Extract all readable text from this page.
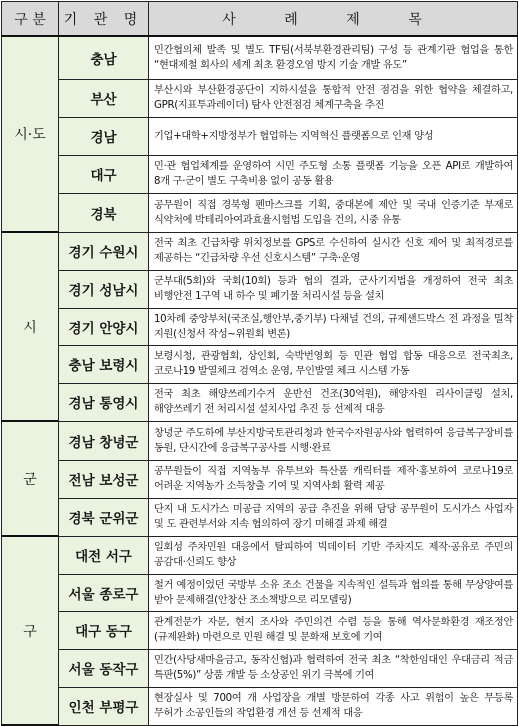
구 분	기 관 명	사 례 제 목
시·도	충남	민간협의체 발족 및 별도 TF팀(서북부환경관리팀) 구성 등 관계기관 협업을 통한 “현대제철 회사의 세계 최초 환경오염 방지 기술 개발 유도”
	부산	부산시와 부산환경공단이 지하시설을 통합적 안전 점검을 위한 협약을 체결하고, GPR(지표투과레이더) 탐사 안전점검 체계구축을 추진
	경남	기업+대학+지방정부가 협업하는 지역혁신 플랫폼으로 인재 양성
	대구	민·관 협업체계를 운영하여 시민 주도형 소통 플랫폼 기능을 오픈 API로 개발하여 8개 구·군이 별도 구축비용 없이 공동 활용
	경북	공무원이 직접 경북형 펜마스크를 기획, 중대본에 제안 및 국내 인증기준 부재로 식약처에 박테리아여과효율시험법 도입을 건의, 시중 유통
시	경기 수원시	전국 최초 긴급차량 위치정보를 GPS로 수신하여 실시간 신호 제어 및 최적경로를 제공하는 “긴급차량 우선 신호시스템” 구축·운영
	경기 성남시	군부대(5회)와 국회(10회) 등과 협의 결과, 군사기지법을 개정하여 전국 최초 비행안전 1구역 내 하수 및 폐기물 처리시설 등을 설치
	경기 안양시	10차례 중앙부처(국조실,행안부,중기부) 다채널 건의, 규제샌드박스 전 과정을 밀착 지원(신청서 작성~위원회 변론)
	충남 보령시	보령시청, 관광협회, 상인회, 숙박번영회 등 민관 협업 합동 대응으로 전국최초, 코로나19 발열체크 검역소 운영, 무인발열 체크 시스템 가동
	경남 통영시	전국 최초 해양쓰레기수거 운반선 건조(30억원), 해양자원 리사이클링 설치, 해양쓰레기 전 처리시설 설치사업 추진 등 선제적 대응
군	경남 창녕군	창녕군 주도하에 부산지방국토관리청과 한국수자원공사와 협력하여 응급복구장비를 동원, 단시간에 응급복구공사를 시행·완료
	전남 보성군	공무원들이 직접 지역농부 유투브와 특산품 캐릭터를 제작·홍보하여 코로나19로 어려운 지역농가 소득창출 기여 및 지역사회 활력 제공
	경북 군위군	단지 내 도시가스 미공급 지역의 공급 추진을 위해 담당 공무원이 도시가스 사업자 및 도 관련부서와 지속 협의하여 장기 미해결 과제 해결
구	대전 서구	일회성 주차민원 대응에서 탈피하여 빅데이터 기반 주차지도 제작·공유로 주민의 공감대·신뢰도 향상
	서울 종로구	철거 예정이었던 국방부 소유 조소 건물을 지속적인 설득과 협의를 통해 무상양여를 받아 문제해결(안창산 조소책방으로 리모델링)
	대구 동구	관계전문가 자문, 현지 조사와 주민의견 수렴 등을 통해 역사문화환경 재조정안(규제완화) 마련으로 민원 해결 및 문화재 보호에 기여
	서울 동작구	민간(사당새마을금고, 동작신협)과 협력하여 전국 최초 “착한임대인 우대금리 적금 특판(5%)” 상품 개발 등 소상공인 위기 극복에 기여
	인천 부평구	현장실사 및 700여 개 사업장을 개별 방문하여 각종 사고 위험이 높은 무등록 무허가 소공인들의 작업환경 개선 등 선제적 대응
